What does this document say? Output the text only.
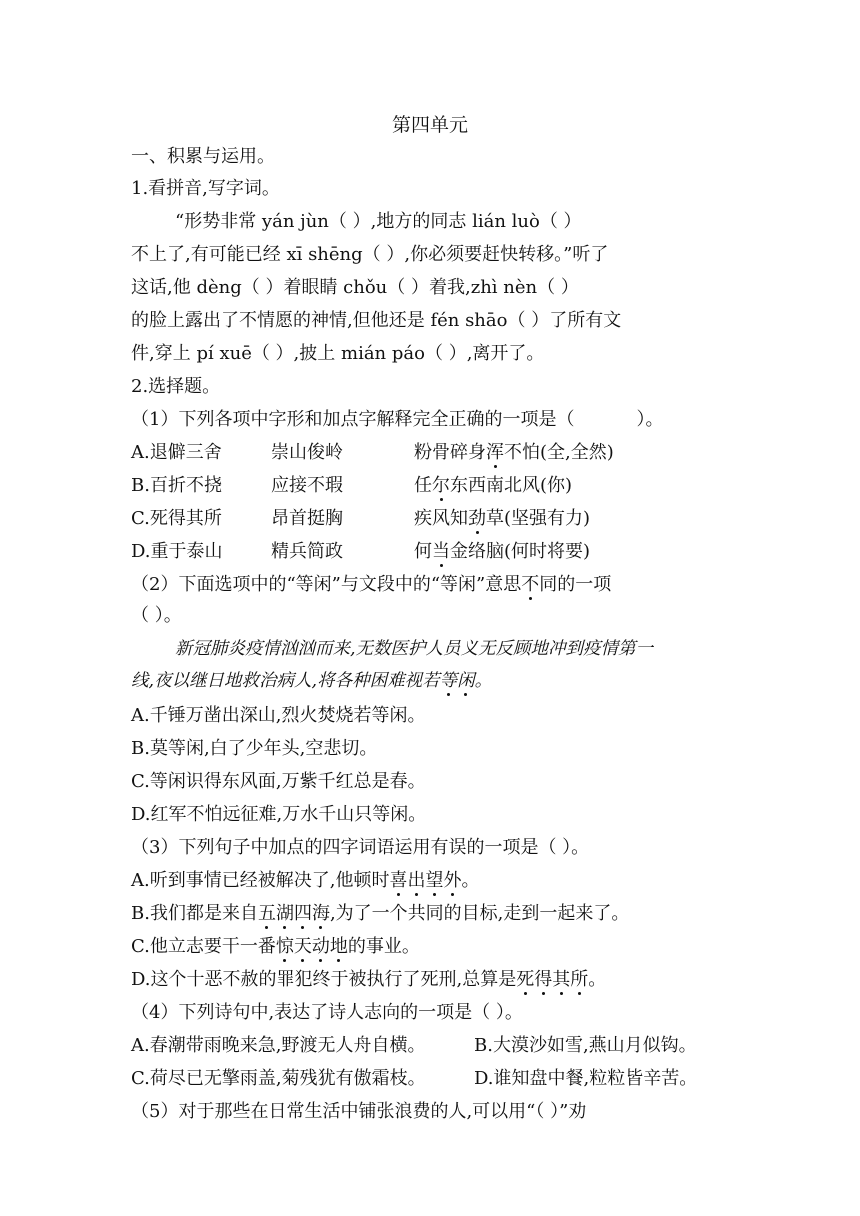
第四单元
一、积累与运用。
1.看拼音,写字词。
“形势非常 yán jùn（ ）,地方的同志 lián luò（ ）
不上了,有可能已经 xī shēng（ ）,你必须要赶快转移。”听了
这话,他 dèng（ ）着眼睛 chǒu（ ）着我,zhì nèn（ ）
的脸上露出了不情愿的神情,但他还是 fén shāo（ ）了所有文
件,穿上 pí xuē（ ）,披上 mián páo（ ）,离开了。
2.选择题。
（1）下列各项中字形和加点字解释完全正确的一项是（	）。
A.退僻三舍	崇山俊岭	粉骨碎身浑不怕(全,全然)
B.百折不挠	应接不瑕	任尔东西南北风(你)
C.死得其所	昂首挺胸	疾风知劲草(坚强有力)
D.重于泰山	精兵简政	何当金络脑(何时将要)
（2）下面选项中的“等闲”与文段中的“等闲”意思不同的一项
（ ）。
新冠肺炎疫情汹汹而来,无数医护人员义无反顾地冲到疫情第一
线,夜以继日地救治病人,将各种困难视若等闲。
A.千锤万凿出深山,烈火焚烧若等闲。
B.莫等闲,白了少年头,空悲切。
C.等闲识得东风面,万紫千红总是春。
D.红军不怕远征难,万水千山只等闲。
（3）下列句子中加点的四字词语运用有误的一项是（ ）。
A.听到事情已经被解决了,他顿时喜出望外。
B.我们都是来自五湖四海,为了一个共同的目标,走到一起来了。
C.他立志要干一番惊天动地的事业。
D.这个十恶不赦的罪犯终于被执行了死刑,总算是死得其所。
（4）下列诗句中,表达了诗人志向的一项是（ ）。
A.春潮带雨晚来急,野渡无人舟自横。	B.大漠沙如雪,燕山月似钩。
C.荷尽已无擎雨盖,菊残犹有傲霜枝。	D.谁知盘中餐,粒粒皆辛苦。
（5）对于那些在日常生活中铺张浪费的人,可以用“（ ）”劝
